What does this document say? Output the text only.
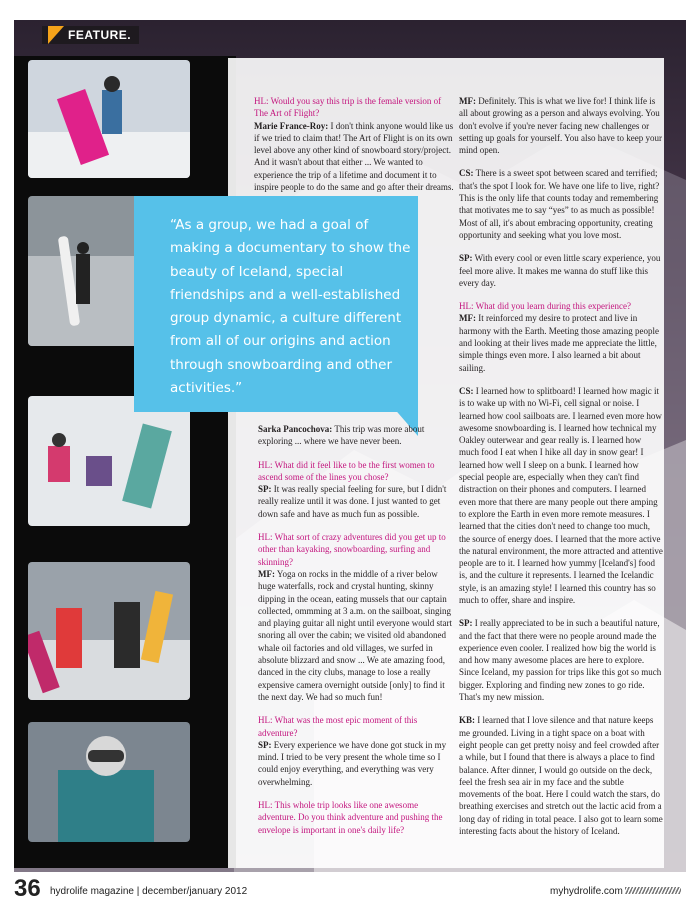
FEATURE.

HL: Would you say this trip is the female version of The Art of Flight?
Marie France-Roy: I don't think anyone would like us if we tried to claim that! The Art of Flight is on its own level above any other kind of snowboard story/project. And it wasn't about that either ... We wanted to experience the trip of a lifetime and document it to inspire people to do the same and go after their dreams.

“As a group, we had a goal of making a documentary to show the beauty of Iceland, special friendships and a well-established group dynamic, a culture different from all of our origins and action through snowboarding and other activities.”

Sarka Pancochova: This trip was more about exploring ... where we have never been.

HL: What did it feel like to be the first women to ascend some of the lines you chose?
SP: It was really special feeling for sure, but I didn't really realize until it was done. I just wanted to get down safe and have as much fun as possible.

HL: What sort of crazy adventures did you get up to other than kayaking, snowboarding, surfing and skinning?
MF: Yoga on rocks in the middle of a river below huge waterfalls, rock and crystal hunting, skinny dipping in the ocean, eating mussels that our captain collected, ommming at 3 a.m. on the sailboat, singing and playing guitar all night until everyone would start snoring all over the cabin; we visited old abandoned whale oil factories and old villages, we surfed in absolute blizzard and snow ... We ate amazing food, danced in the city clubs, manage to lose a really expensive camera overnight outside [only] to find it the next day. We had so much fun!

HL: What was the most epic moment of this adventure?
SP: Every experience we have done got stuck in my mind. I tried to be very present the whole time so I could enjoy everything, and everything was very overwhelming.

HL: This whole trip looks like one awesome adventure. Do you think adventure and pushing the envelope is important in one's daily life?

MF: Definitely. This is what we live for! I think life is all about growing as a person and always evolving. You don't evolve if you're never facing new challenges or setting up goals for yourself. You also have to keep your mind open.

CS: There is a sweet spot between scared and terrified; that's the spot I look for. We have one life to live, right? This is the only life that counts today and remembering that motivates me to say “yes” to as much as possible! Most of all, it's about embracing opportunity, creating opportunity and seeking what you love most.

SP: With every cool or even little scary experience, you feel more alive. It makes me wanna do stuff like this every day.

HL: What did you learn during this experience?
MF: It reinforced my desire to protect and live in harmony with the Earth. Meeting those amazing people and looking at their lives made me appreciate the little, simple things even more. I also learned a bit about sailing.

CS: I learned how to splitboard! I learned how magic it is to wake up with no Wi-Fi, cell signal or noise. I learned how cool sailboats are. I learned even more how awesome snowboarding is. I learned how technical my Oakley outerwear and gear really is. I learned how much food I eat when I hike all day in snow gear! I learned how well I sleep on a bunk. I learned how special people are, especially when they can't find distraction on their phones and computers. I learned even more that there are many people out there amping to explore the Earth in even more remote measures. I learned that the cities don't need to change too much, the source of energy does. I learned that the more active the natural environment, the more attracted and attentive people are to it. I learned how yummy [Iceland's] food is, and the culture it represents. I learned the Icelandic style, is an amazing style! I learned this country has so much to offer, share and inspire.

SP: I really appreciated to be in such a beautiful nature, and the fact that there were no people around made the experience even cooler. I realized how big the world is and how many awesome places are here to explore. Since Iceland, my passion for trips like this got so much bigger. Exploring and finding new zones to go ride. That's my new mission.

KB: I learned that I love silence and that nature keeps me grounded. Living in a tight space on a boat with eight people can get pretty noisy and feel crowded after a while, but I found that there is always a place to find balance. After dinner, I would go outside on the deck, feel the fresh sea air in my face and the subtle movements of the boat. Here I could watch the stars, do breathing exercises and stretch out the lactic acid from a long day of riding in total peace. I also got to learn some interesting facts about the history of Iceland.

36 hydrolife magazine | december/january 2012	myhydrolife.com
